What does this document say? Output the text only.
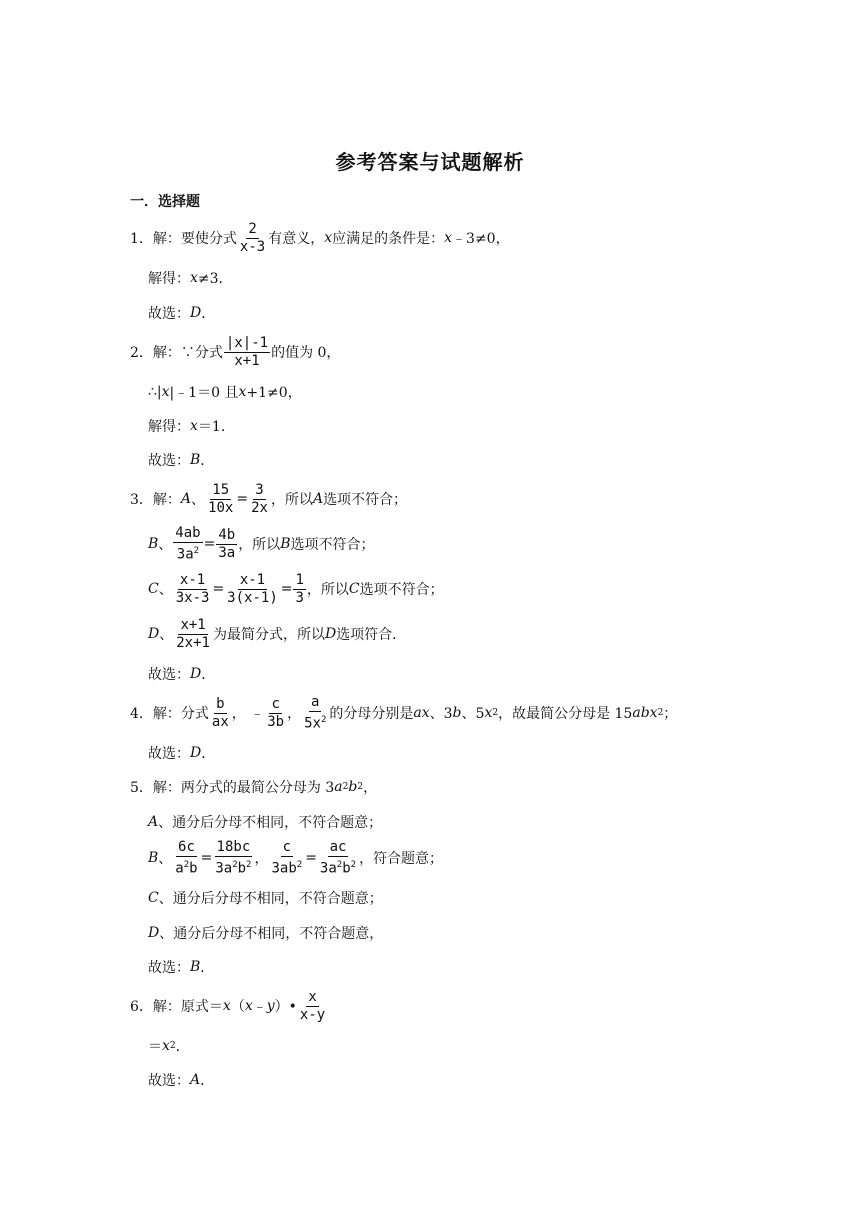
参考答案与试题解析
一．选择题
1．解：要使分式 $\frac{2}{x-3}$ 有意义， x 应满足的条件是： x ﹣3≠0，
解得： x ≠3．
故选： D ．
2．解：∵分式 $\frac{|x|-1}{x+1}$ 的值为 0，
∴| x |﹣1＝0 且 x +1≠0，
解得： x ＝1．
故选： B ．
3．解： A 、 $\frac{15}{10x} = \frac{3}{2x}$ ，所以 A 选项不符合；
B 、 $\frac{4ab}{3a^2} = \frac{4b}{3a}$ ，所以 B 选项不符合；
C 、 $\frac{x-1}{3x-3} = \frac{x-1}{3(x-1)} = \frac{1}{3}$ ，所以 C 选项不符合；
D 、 $\frac{x+1}{2x+1}$ 为最简分式，所以 D 选项符合．
故选： D ．
4．解：分式 $\frac{b}{ax}$ ，
﹣ $\frac{c}{3b}$ ， $\frac{a}{5x^2}$ 的分母分别是 ax 、3 b 、5 x 2 ，故最简公分母是 15 abx 2 ；
故选： D ．
5．解：两分式的最简公分母为 3 a 2 b 2 ，
A 、通分后分母不相同，不符合题意；
B 、 $\frac{6c}{a^2b} = \frac{18bc}{3a^2b^2}$ ， $\frac{c}{3ab^2} = \frac{ac}{3a^2b^2}$ ，符合题意；
C 、通分后分母不相同，不符合题意；
D 、通分后分母不相同，不符合题意，
故选： B ．
6．解：原式＝ x （ x ﹣ y ）• $\frac{x}{x-y}$
＝ x 2 ．
故选： A ．
